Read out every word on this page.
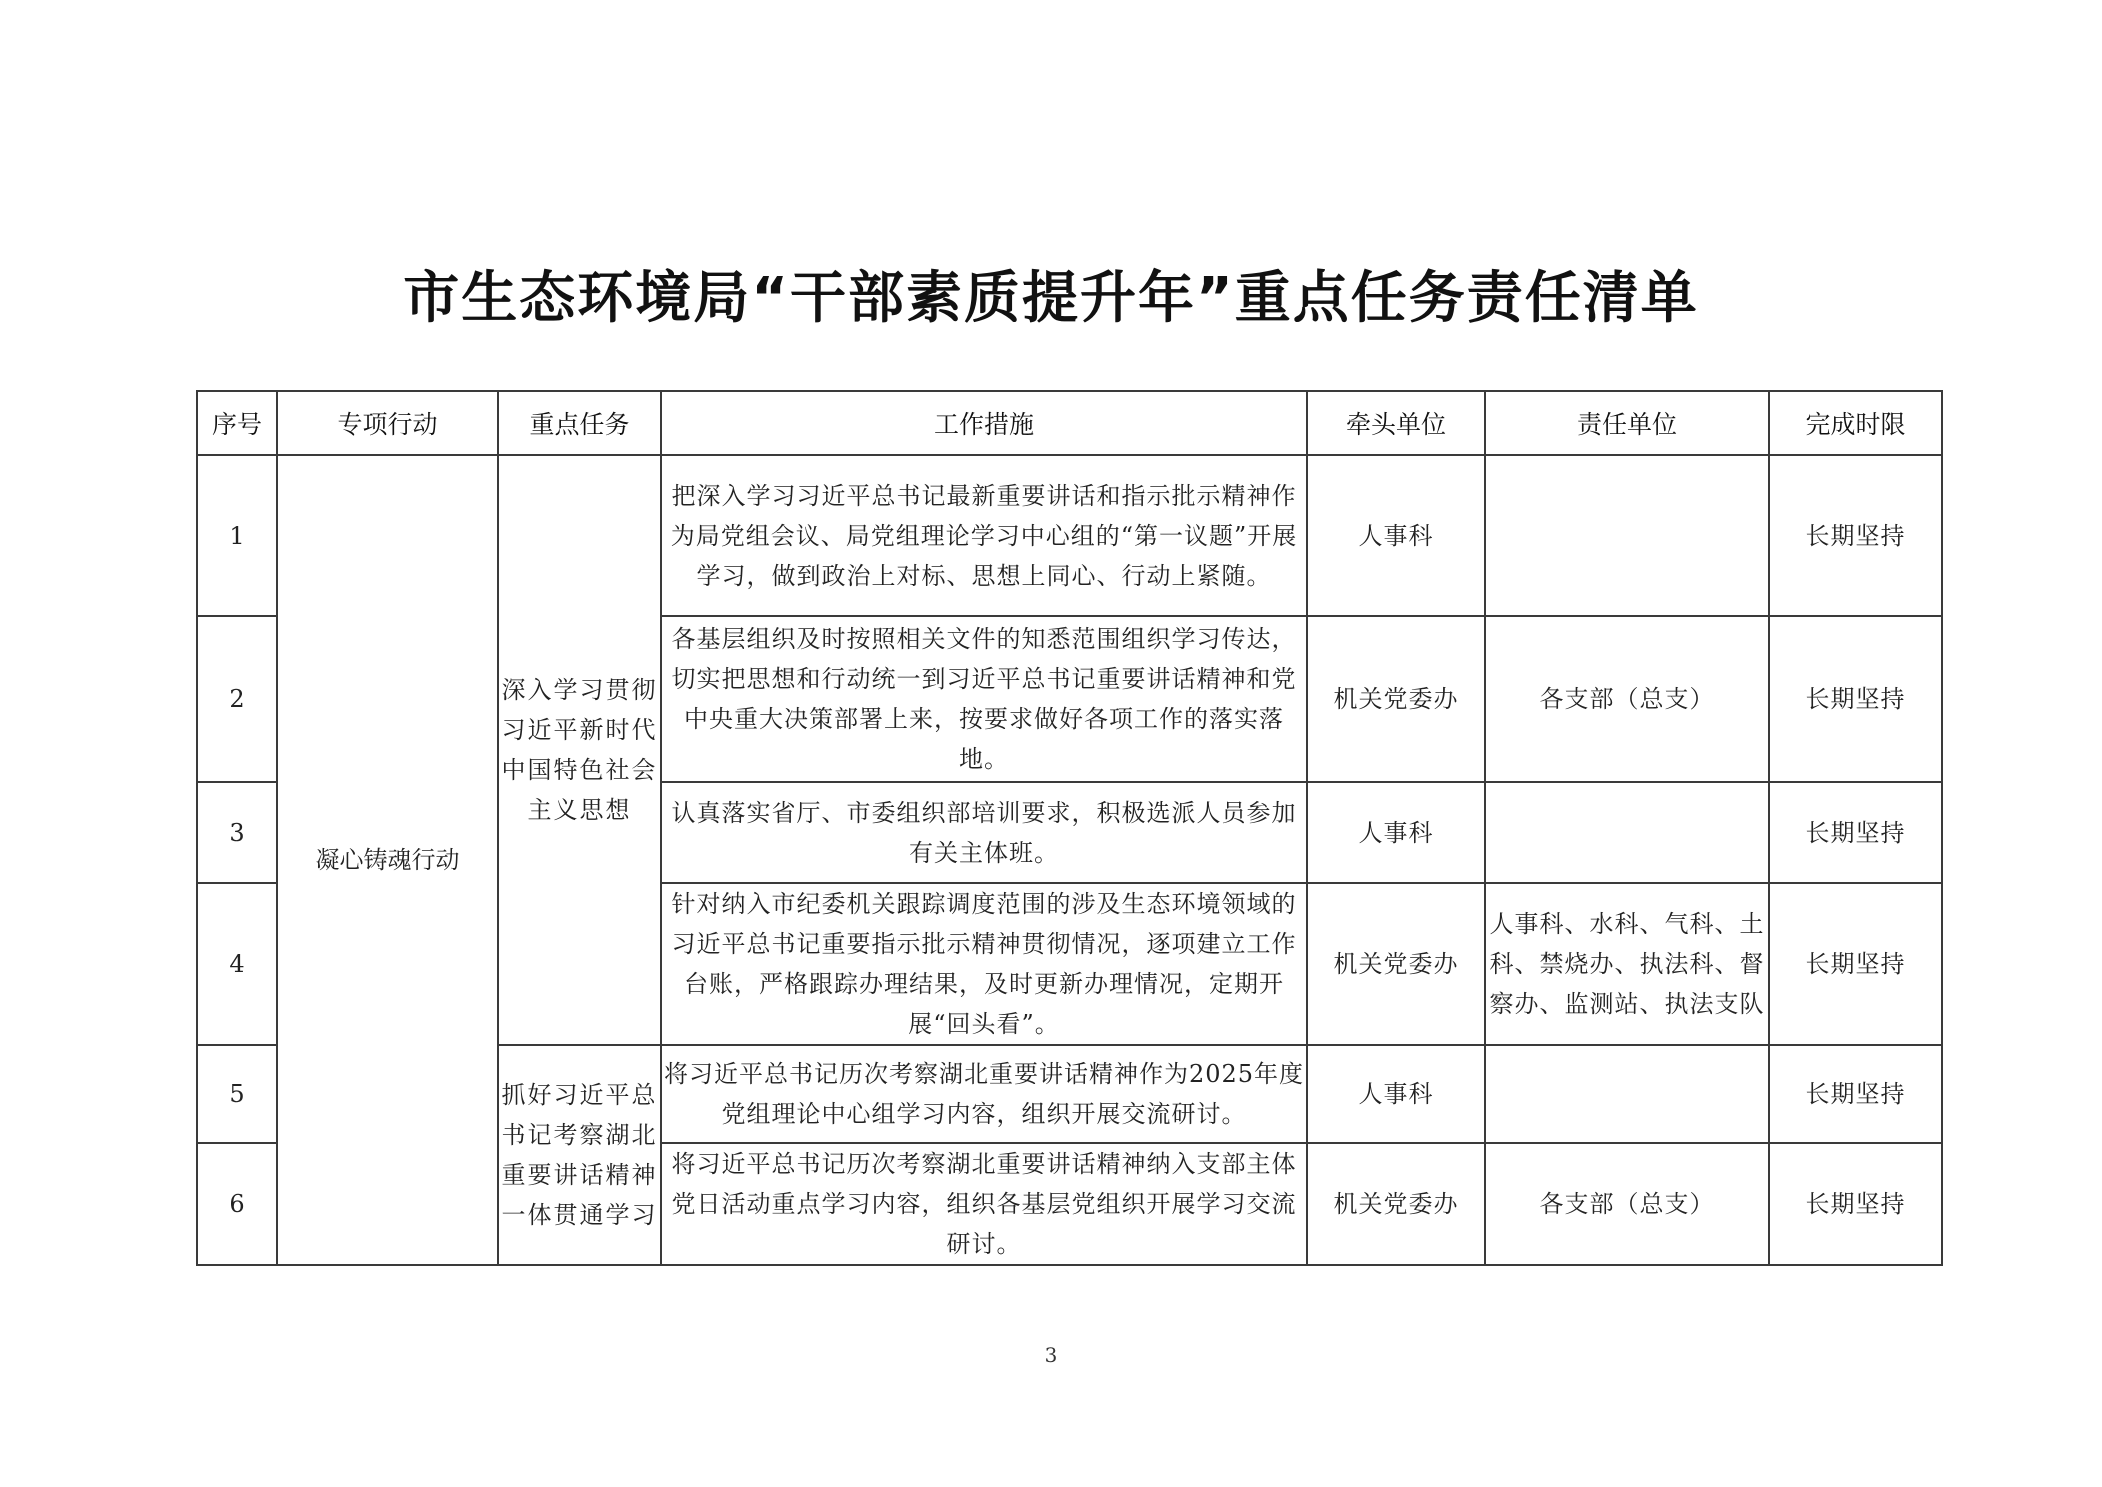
市生态环境局“干部素质提升年”重点任务责任清单
序号	专项行动	重点任务	工作措施	牵头单位	责任单位	完成时限
1	凝心铸魂行动	深入学习贯彻习近平新时代中国特色社会主义思想	把深入学习习近平总书记最新重要讲话和指示批示精神作为局党组会议、局党组理论学习中心组的“第一议题”开展学习，做到政治上对标、思想上同心、行动上紧随。	人事科		长期坚持
2			各基层组织及时按照相关文件的知悉范围组织学习传达，切实把思想和行动统一到习近平总书记重要讲话精神和党中央重大决策部署上来，按要求做好各项工作的落实落地。	机关党委办	各支部（总支）	长期坚持
3			认真落实省厅、市委组织部培训要求，积极选派人员参加有关主体班。	人事科		长期坚持
4			针对纳入市纪委机关跟踪调度范围的涉及生态环境领域的习近平总书记重要指示批示精神贯彻情况，逐项建立工作台账，严格跟踪办理结果，及时更新办理情况，定期开展“回头看”。	机关党委办	人事科、水科、气科、土科、禁烧办、执法科、督察办、监测站、执法支队	长期坚持
5		抓好习近平总书记考察湖北重要讲话精神一体贯通学习	将习近平总书记历次考察湖北重要讲话精神作为2025年度党组理论中心组学习内容，组织开展交流研讨。	人事科		长期坚持
6			将习近平总书记历次考察湖北重要讲话精神纳入支部主体党日活动重点学习内容，组织各基层党组织开展学习交流研讨。	机关党委办	各支部（总支）	长期坚持
3
